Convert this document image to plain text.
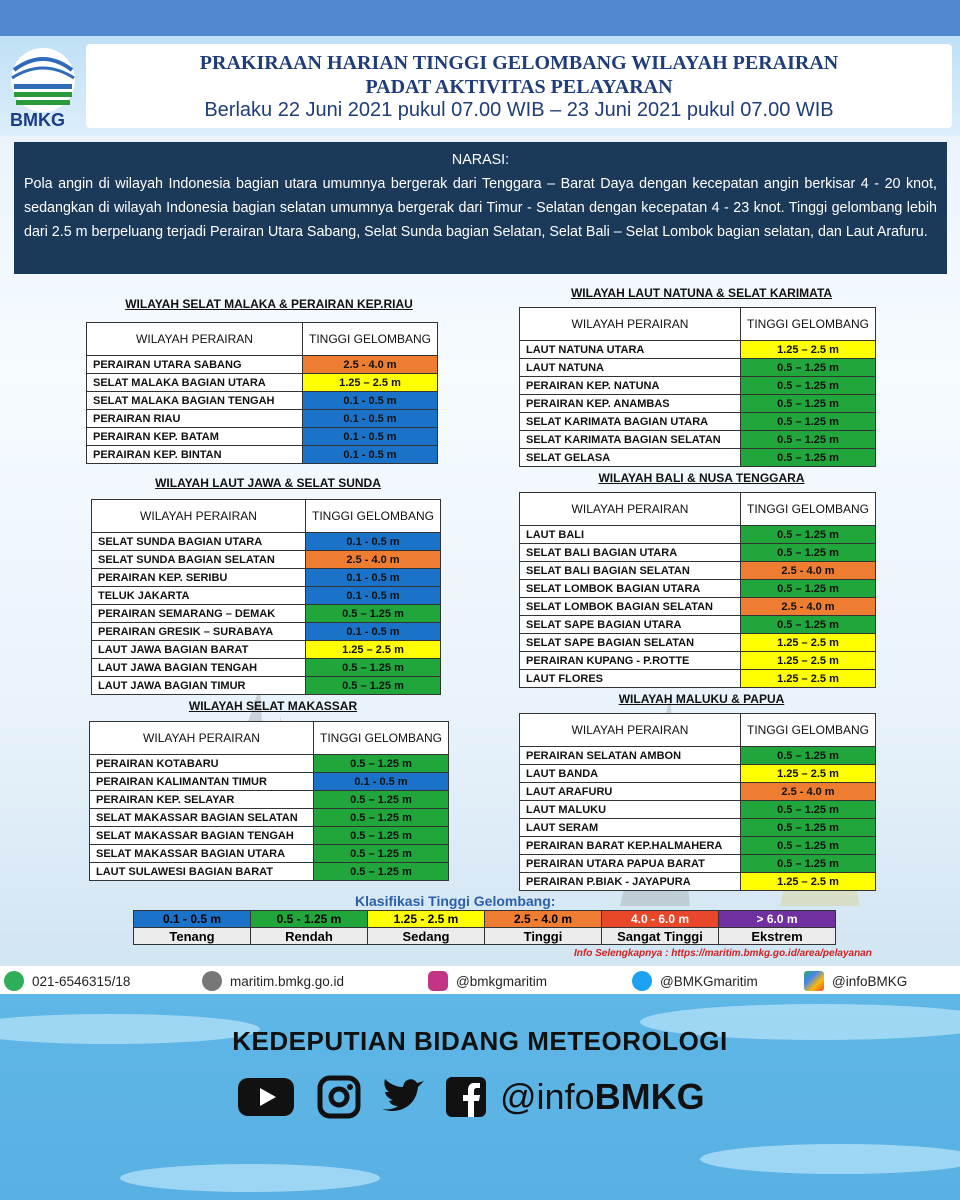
BMKG
PRAKIRAAN HARIAN TINGGI GELOMBANG WILAYAH PERAIRAN
PADAT AKTIVITAS PELAYARAN
Berlaku 22 Juni 2021 pukul 07.00 WIB – 23 Juni 2021 pukul 07.00 WIB
NARASI:
Pola angin di wilayah Indonesia bagian utara umumnya bergerak dari Tenggara – Barat Daya dengan kecepatan angin berkisar 4 - 20 knot, sedangkan di wilayah Indonesia bagian selatan umumnya bergerak dari Timur - Selatan dengan kecepatan 4 - 23 knot. Tinggi gelombang lebih dari 2.5 m berpeluang terjadi Perairan Utara Sabang, Selat Sunda bagian Selatan, Selat Bali – Selat Lombok bagian selatan, dan Laut Arafuru.
WILAYAH SELAT MALAKA & PERAIRAN KEP.RIAU
WILAYAH PERAIRAN	TINGGI GELOMBANG
PERAIRAN UTARA SABANG	2.5 - 4.0 m
SELAT MALAKA BAGIAN UTARA	1.25 – 2.5 m
SELAT MALAKA BAGIAN TENGAH	0.1 - 0.5 m
PERAIRAN RIAU	0.1 - 0.5 m
PERAIRAN KEP. BATAM	0.1 - 0.5 m
PERAIRAN KEP. BINTAN	0.1 - 0.5 m
WILAYAH LAUT JAWA & SELAT SUNDA
WILAYAH PERAIRAN	TINGGI GELOMBANG
SELAT SUNDA BAGIAN UTARA	0.1 - 0.5 m
SELAT SUNDA BAGIAN SELATAN	2.5 - 4.0 m
PERAIRAN KEP. SERIBU	0.1 - 0.5 m
TELUK JAKARTA	0.1 - 0.5 m
PERAIRAN SEMARANG – DEMAK	0.5 – 1.25 m
PERAIRAN GRESIK – SURABAYA	0.1 - 0.5 m
LAUT JAWA BAGIAN BARAT	1.25 – 2.5 m
LAUT JAWA BAGIAN TENGAH	0.5 – 1.25 m
LAUT JAWA BAGIAN TIMUR	0.5 – 1.25 m
WILAYAH SELAT MAKASSAR
WILAYAH PERAIRAN	TINGGI GELOMBANG
PERAIRAN KOTABARU	0.5 – 1.25 m
PERAIRAN KALIMANTAN TIMUR	0.1 - 0.5 m
PERAIRAN KEP. SELAYAR	0.5 – 1.25 m
SELAT MAKASSAR BAGIAN SELATAN	0.5 – 1.25 m
SELAT MAKASSAR BAGIAN TENGAH	0.5 – 1.25 m
SELAT MAKASSAR BAGIAN UTARA	0.5 – 1.25 m
LAUT SULAWESI BAGIAN BARAT	0.5 – 1.25 m
WILAYAH LAUT NATUNA & SELAT KARIMATA
WILAYAH PERAIRAN	TINGGI GELOMBANG
LAUT NATUNA UTARA	1.25 – 2.5 m
LAUT NATUNA	0.5 – 1.25 m
PERAIRAN KEP. NATUNA	0.5 – 1.25 m
PERAIRAN KEP. ANAMBAS	0.5 – 1.25 m
SELAT KARIMATA BAGIAN UTARA	0.5 – 1.25 m
SELAT KARIMATA BAGIAN SELATAN	0.5 – 1.25 m
SELAT GELASA	0.5 – 1.25 m
WILAYAH BALI & NUSA TENGGARA
WILAYAH PERAIRAN	TINGGI GELOMBANG
LAUT BALI	0.5 – 1.25 m
SELAT BALI BAGIAN UTARA	0.5 – 1.25 m
SELAT BALI BAGIAN SELATAN	2.5 - 4.0 m
SELAT LOMBOK BAGIAN UTARA	0.5 – 1.25 m
SELAT LOMBOK BAGIAN SELATAN	2.5 - 4.0 m
SELAT SAPE BAGIAN UTARA	0.5 – 1.25 m
SELAT SAPE BAGIAN SELATAN	1.25 – 2.5 m
PERAIRAN KUPANG - P.ROTTE	1.25 – 2.5 m
LAUT FLORES	1.25 – 2.5 m
WILAYAH MALUKU & PAPUA
WILAYAH PERAIRAN	TINGGI GELOMBANG
PERAIRAN SELATAN AMBON	0.5 – 1.25 m
LAUT BANDA	1.25 – 2.5 m
LAUT ARAFURU	2.5 - 4.0 m
LAUT MALUKU	0.5 – 1.25 m
LAUT SERAM	0.5 – 1.25 m
PERAIRAN BARAT KEP.HALMAHERA	0.5 – 1.25 m
PERAIRAN UTARA PAPUA BARAT	0.5 – 1.25 m
PERAIRAN P.BIAK - JAYAPURA	1.25 – 2.5 m
Klasifikasi Tinggi Gelombang:
0.1 - 0.5 m	0.5 - 1.25 m	1.25 - 2.5 m	2.5 - 4.0 m	4.0 - 6.0 m	> 6.0 m
Tenang	Rendah	Sedang	Tinggi	Sangat Tinggi	Ekstrem
Info Selengkapnya : https://maritim.bmkg.go.id/area/pelayanan
021-6546315/18	maritim.bmkg.go.id	@bmkgmaritim	@BMKGmaritim	@infoBMKG
KEDEPUTIAN BIDANG METEOROLOGI
@infoBMKG
